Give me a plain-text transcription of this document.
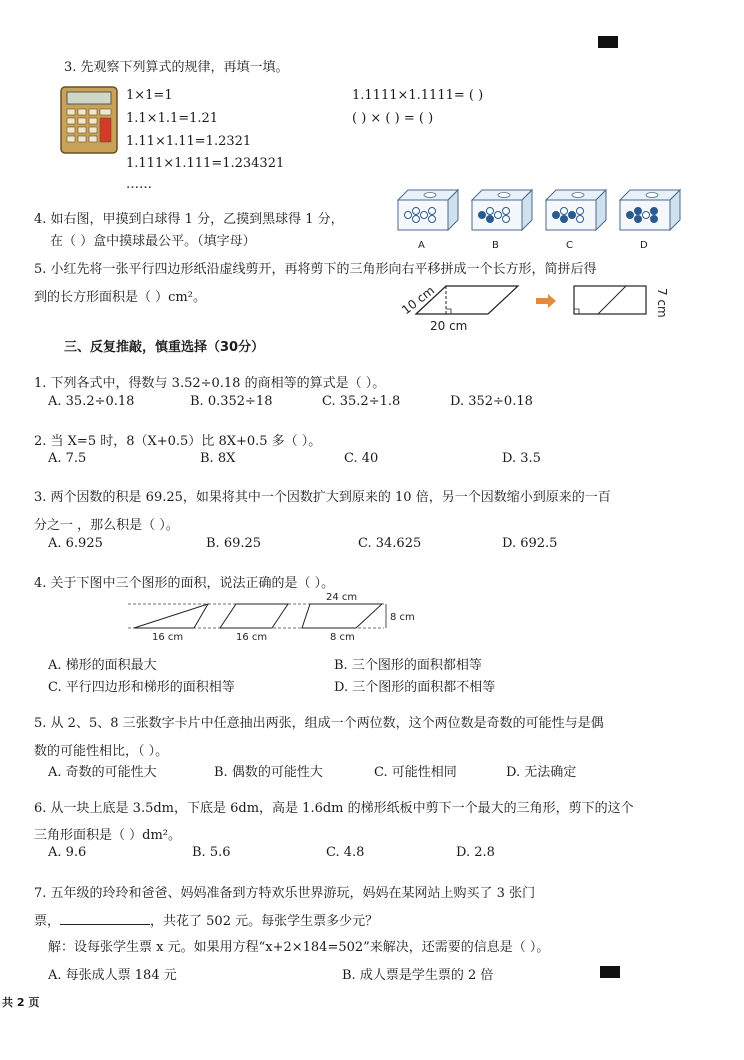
3. 先观察下列算式的规律，再填一填。
1×1=1
1.1×1.1=1.21
1.11×1.11=1.2321
1.111×1.111=1.234321
……
1.1111×1.1111= ( )
( ) × ( ) = ( )
4. 如右图，甲摸到白球得 1 分，乙摸到黑球得 1 分，
在（ ）盒中摸球最公平。（填字母）	A	B	C	D
5. 小红先将一张平行四边形纸沿虚线剪开，再将剪下的三角形向右平移拼成一个长方形，简拼后得
到的长方形面积是（ ）cm²。	10 cm
20 cm
7 cm
三、反复推敲，慎重选择（30分）
1. 下列各式中，得数与 3.52÷0.18 的商相等的算式是（ ）。
A. 35.2÷0.18	B. 0.352÷18	C. 35.2÷1.8	D. 352÷0.18
2. 当 X=5 时，8（X+0.5）比 8X+0.5 多（ ）。
A. 7.5	B. 8X	C. 40	D. 3.5
3. 两个因数的积是 69.25，如果将其中一个因数扩大到原来的 10 倍，另一个因数缩小到原来的一百
分之一 ，那么积是（ ）。
A. 6.925	B. 69.25	C. 34.625	D. 692.5
4. 关于下图中三个图形的面积，说法正确的是（ ）。
24 cm
8 cm
16 cm	16 cm	8 cm
A. 梯形的面积最大	B. 三个图形的面积都相等
C. 平行四边形和梯形的面积相等	D. 三个图形的面积都不相等
5. 从 2、5、8 三张数字卡片中任意抽出两张，组成一个两位数，这个两位数是奇数的可能性与是偶
数的可能性相比，（ ）。
A. 奇数的可能性大	B. 偶数的可能性大	C. 可能性相同	D. 无法确定
6. 从一块上底是 3.5dm，下底是 6dm，高是 1.6dm 的梯形纸板中剪下一个最大的三角形，剪下的这个
三角形面积是（ ）dm²。
A. 9.6	B. 5.6	C. 4.8	D. 2.8
7. 五年级的玲玲和爸爸、妈妈准备到方特欢乐世界游玩，妈妈在某网站上购买了 3 张门
票，	，共花了 502 元。每张学生票多少元？
解：设每张学生票 x 元。如果用方程“x+2×184=502”来解决，还需要的信息是（ ）。
A. 每张成人票 184 元	B. 成人票是学生票的 2 倍
共 2 页
